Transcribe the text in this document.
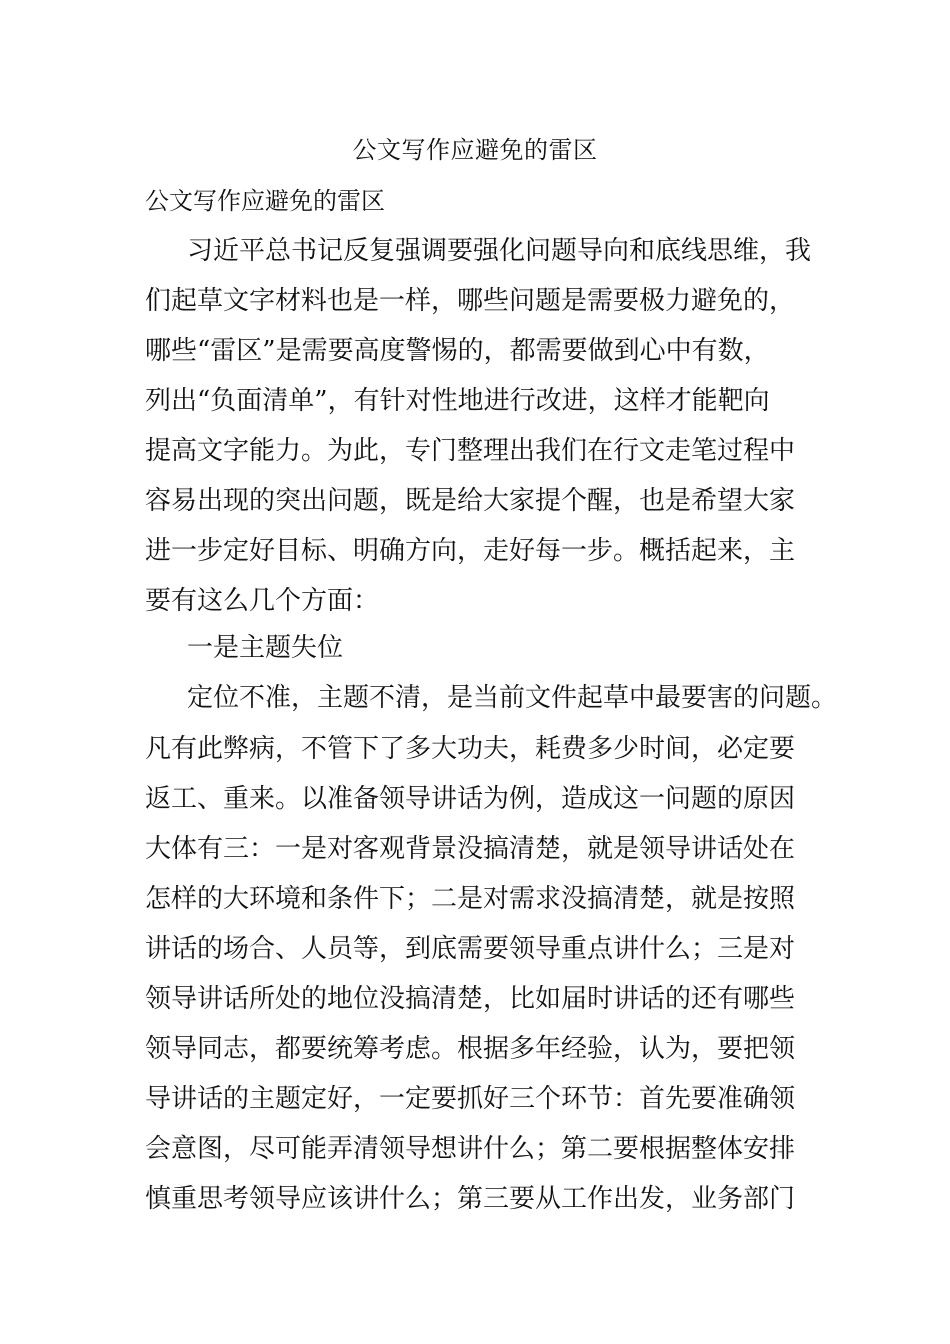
公文写作应避免的雷区
公文写作应避免的雷区
习近平总书记反复强调要强化问题导向和底线思维，我
们起草文字材料也是一样，哪些问题是需要极力避免的，
哪些“雷区”是需要高度警惕的，都需要做到心中有数，
列出“负面清单”，有针对性地进行改进，这样才能靶向
提高文字能力。为此，专门整理出我们在行文走笔过程中
容易出现的突出问题，既是给大家提个醒，也是希望大家
进一步定好目标、明确方向，走好每一步。概括起来，主
要有这么几个方面：
一是主题失位
定位不准，主题不清，是当前文件起草中最要害的问题。
凡有此弊病，不管下了多大功夫，耗费多少时间，必定要
返工、重来。以准备领导讲话为例，造成这一问题的原因
大体有三：一是对客观背景没搞清楚，就是领导讲话处在
怎样的大环境和条件下；二是对需求没搞清楚，就是按照
讲话的场合、人员等，到底需要领导重点讲什么；三是对
领导讲话所处的地位没搞清楚，比如届时讲话的还有哪些
领导同志，都要统筹考虑。根据多年经验，认为，要把领
导讲话的主题定好，一定要抓好三个环节：首先要准确领
会意图，尽可能弄清领导想讲什么；第二要根据整体安排
慎重思考领导应该讲什么；第三要从工作出发，业务部门
